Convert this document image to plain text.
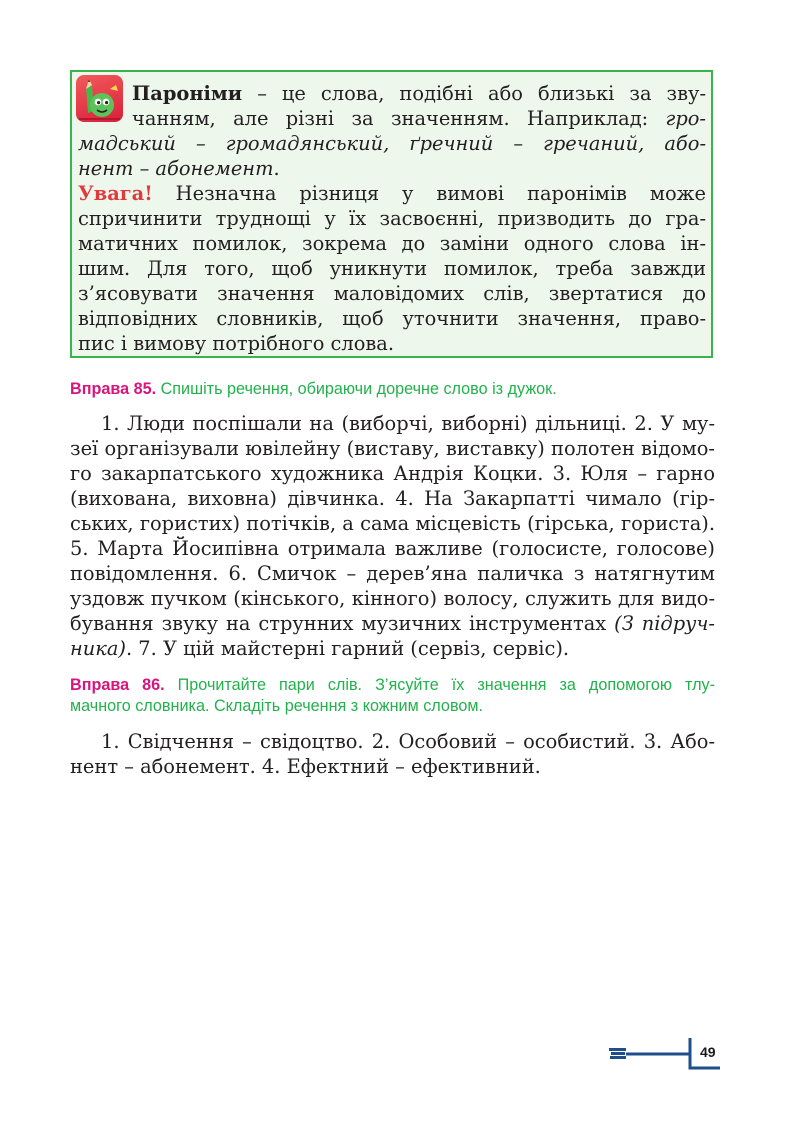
Пароніми – це слова, подібні або близькі за зву-
чанням, але різні за значенням. Наприклад: гро-
мадський – громадянський, ґречний – гречаний, або-
нент – абонемент.
Увага! Незначна різниця у вимові паронімів може
спричинити труднощі у їх засвоєнні, призводить до гра-
матичних помилок, зокрема до заміни одного слова ін-
шим. Для того, щоб уникнути помилок, треба завжди
з’ясовувати значення маловідомих слів, звертатися до
відповідних словників, щоб уточнити значення, право-
пис і вимову потрібного слова.
Вправа 85. Спишіть речення, обираючи доречне слово із дужок.
1. Люди поспішали на (виборчі, виборні) дільниці. 2. У му-
зеї організували ювілейну (виставу, виставку) полотен відомо-
го закарпатського художника Андрія Коцки. 3. Юля – гарно
(вихована, виховна) дівчинка. 4. На Закарпатті чимало (гір-
ських, гористих) потічків, а сама місцевість (гірська, гориста).
5. Марта Йосипівна отримала важливе (голосисте, голосове)
повідомлення. 6. Смичок – дерев’яна паличка з натягнутим
уздовж пучком (кінського, кінного) волосу, служить для видо-
бування звуку на струнних музичних інструментах (З підруч-
ника). 7. У цій майстерні гарний (сервіз, сервіс).
Вправа 86. Прочитайте пари слів. З’ясуйте їх значення за допомогою тлу-
мачного словника. Складіть речення з кожним словом.
1. Свідчення – свідоцтво. 2. Особовий – особистий. 3. Або-
нент – абонемент. 4. Ефектний – ефективний.
49
